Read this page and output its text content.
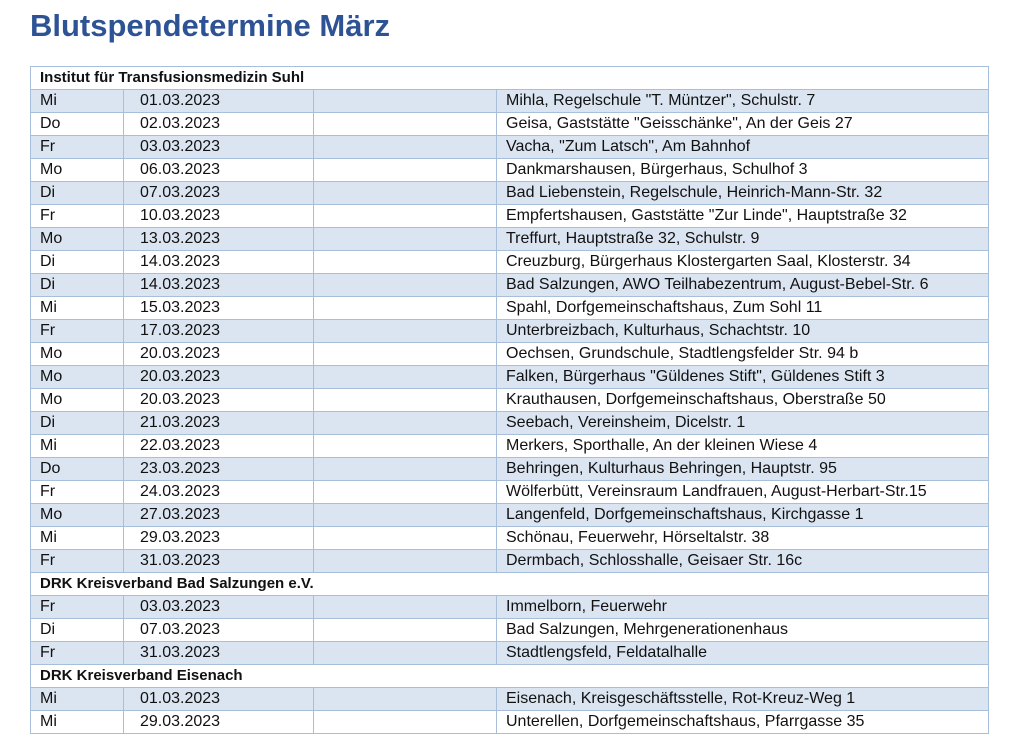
Blutspendetermine März
Institut für Transfusionsmedizin Suhl			
Mi	01.03.2023		Mihla, Regelschule "T. Müntzer", Schulstr. 7
Do	02.03.2023		Geisa, Gaststätte "Geisschänke", An der Geis 27
Fr	03.03.2023		Vacha, "Zum Latsch", Am Bahnhof
Mo	06.03.2023		Dankmarshausen, Bürgerhaus, Schulhof 3
Di	07.03.2023		Bad Liebenstein, Regelschule, Heinrich-Mann-Str. 32
Fr	10.03.2023		Empfertshausen, Gaststätte "Zur Linde", Hauptstraße 32
Mo	13.03.2023		Treffurt, Hauptstraße 32, Schulstr. 9
Di	14.03.2023		Creuzburg, Bürgerhaus Klostergarten Saal, Klosterstr. 34
Di	14.03.2023		Bad Salzungen, AWO Teilhabezentrum, August-Bebel-Str. 6
Mi	15.03.2023		Spahl, Dorfgemeinschaftshaus, Zum Sohl 11
Fr	17.03.2023		Unterbreizbach, Kulturhaus, Schachtstr. 10
Mo	20.03.2023		Oechsen, Grundschule, Stadtlengsfelder Str. 94 b
Mo	20.03.2023		Falken, Bürgerhaus "Güldenes Stift", Güldenes Stift 3
Mo	20.03.2023		Krauthausen, Dorfgemeinschaftshaus, Oberstraße 50
Di	21.03.2023		Seebach, Vereinsheim, Dicelstr. 1
Mi	22.03.2023		Merkers, Sporthalle, An der kleinen Wiese 4
Do	23.03.2023		Behringen, Kulturhaus Behringen, Hauptstr. 95
Fr	24.03.2023		Wölferbütt, Vereinsraum Landfrauen, August-Herbart-Str.15
Mo	27.03.2023		Langenfeld, Dorfgemeinschaftshaus, Kirchgasse 1
Mi	29.03.2023		Schönau, Feuerwehr, Hörseltalstr. 38
Fr	31.03.2023		Dermbach, Schlosshalle, Geisaer Str. 16c
DRK Kreisverband Bad Salzungen e.V.			
Fr	03.03.2023		Immelborn, Feuerwehr
Di	07.03.2023		Bad Salzungen, Mehrgenerationenhaus
Fr	31.03.2023		Stadtlengsfeld, Feldatalhalle
DRK Kreisverband Eisenach			
Mi	01.03.2023		Eisenach, Kreisgeschäftsstelle, Rot-Kreuz-Weg 1
Mi	29.03.2023		Unterellen, Dorfgemeinschaftshaus, Pfarrgasse 35
